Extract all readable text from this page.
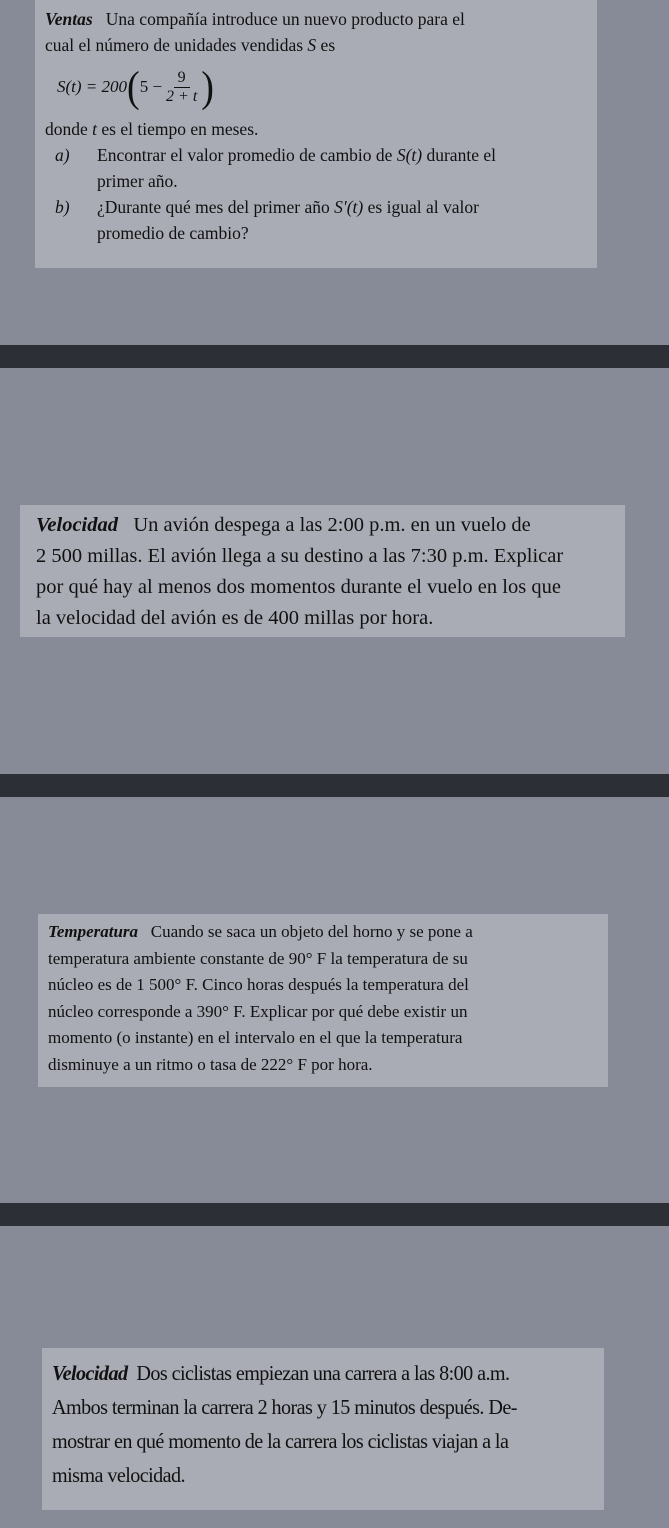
Ventas Una compañía introduce un nuevo producto para el

cual el número de unidades vendidas S es

S(t) = 200 ( $5 - \frac{9}{2 + t}$ )

donde t es el tiempo en meses.

a)	Encontrar el valor promedio de cambio de S(t) durante el
primer año.
b)	¿Durante qué mes del primer año S′(t) es igual al valor
promedio de cambio?

Velocidad Un avión despega a las 2:00 p.m. en un vuelo de

2 500 millas. El avión llega a su destino a las 7:30 p.m. Explicar

por qué hay al menos dos momentos durante el vuelo en los que

la velocidad del avión es de 400 millas por hora.

Temperatura Cuando se saca un objeto del horno y se pone a

temperatura ambiente constante de 90° F la temperatura de su

núcleo es de 1 500° F. Cinco horas después la temperatura del

núcleo corresponde a 390° F. Explicar por qué debe existir un

momento (o instante) en el intervalo en el que la temperatura

disminuye a un ritmo o tasa de 222° F por hora.

Velocidad Dos ciclistas empiezan una carrera a las 8:00 a.m.

Ambos terminan la carrera 2 horas y 15 minutos después. De-

mostrar en qué momento de la carrera los ciclistas viajan a la

misma velocidad.
